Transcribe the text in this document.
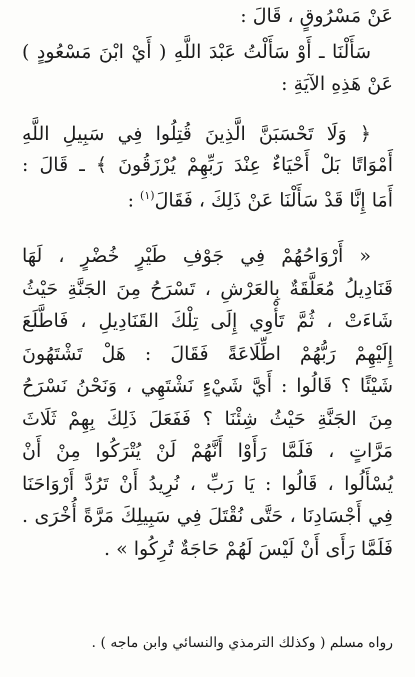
عَنْ مَسْرُوقٍ ، قَالَ :
سَأَلْنَا ـ أَوْ سَأَلْتُ عَبْدَ اللَّهِ ( أَيْ ابْنَ مَسْعُودٍ )
عَنْ هَذِهِ الآيَةِ :
﴿ وَلَا تَحْسَبَنَّ الَّذِينَ قُتِلُوا فِي سَبِيلِ اللَّهِ
أَمْوَاتًا بَلْ أَحْيَاءٌ عِنْدَ رَبِّهِمْ يُرْزَقُونَ ﴾ ـ قَالَ :
أَمَا إِنَّا قَدْ سَأَلْنَا عَنْ ذَلِكَ ، فَقَالَ$^{(١)}$ :
« أَرْوَاحُهُمْ فِي جَوْفِ طَيْرٍ خُضْرٍ ، لَهَا
قَنَادِيلُ مُعَلَّقَةٌ بِالعَرْشِ ، تَسْرَحُ مِنَ الجَنَّةِ حَيْثُ
شَاءَتْ ، ثُمَّ تَأْوِي إِلَى تِلْكَ القَنَادِيلِ ، فَاطَّلَعَ
إِلَيْهِمْ رَبُّهُمْ اطِّلَاعَةً فَقَالَ : هَلْ تَشْتَهُونَ
شَيْئًا ؟ قَالُوا : أَيَّ شَيْءٍ نَشْتَهِي ، وَنَحْنُ نَسْرَحُ
مِنَ الجَنَّةِ حَيْثُ شِئْنَا ؟ فَفَعَلَ ذَلِكَ بِهِمْ ثَلَاثَ
مَرَّاتٍ ، فَلَمَّا رَأَوْا أَنَّهُمْ لَنْ يُتْرَكُوا مِنْ أَنْ
يُسْأَلُوا ، قَالُوا : يَا رَبِّ ، نُرِيدُ أَنْ تَرُدَّ أَرْوَاحَنَا
فِي أَجْسَادِنَا ، حَتَّى نُقْتَلَ فِي سَبِيلِكَ مَرَّةً أُخْرَى .
فَلَمَّا رَأَى أَنْ لَيْسَ لَهُمْ حَاجَةٌ تُرِكُوا » .
رواه مسلم ( وكذلك الترمذي والنسائي وابن ماجه ) .
